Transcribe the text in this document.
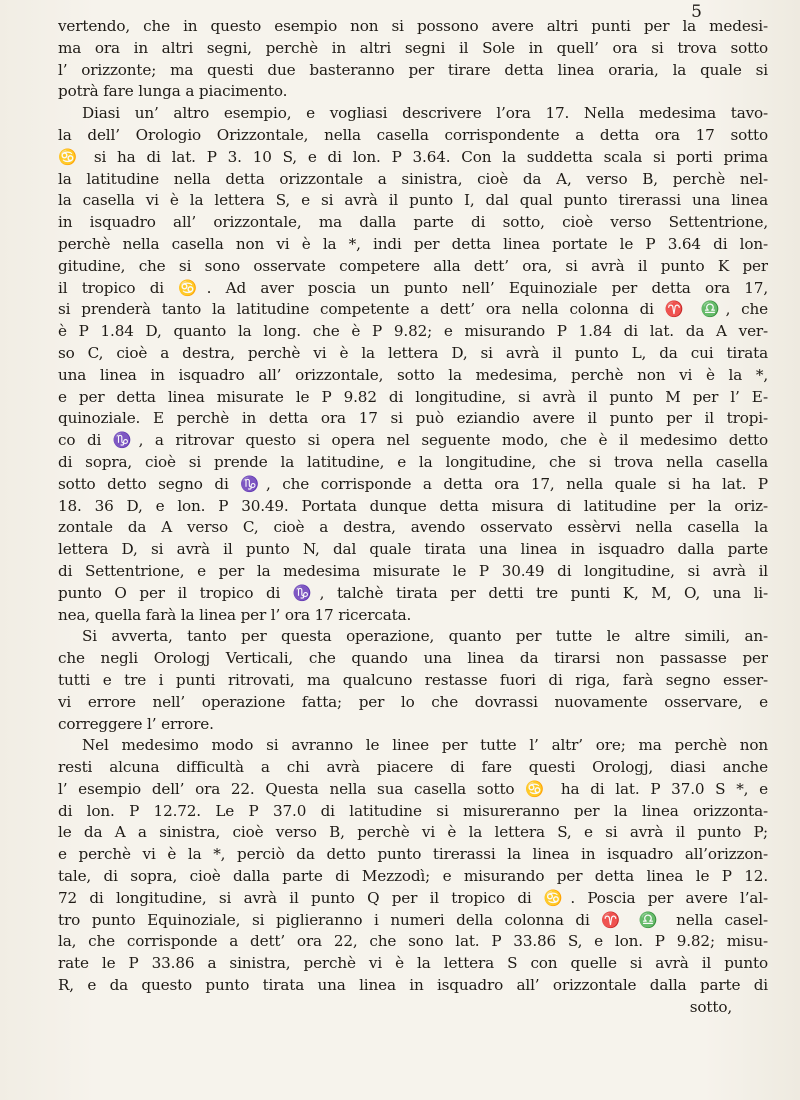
5
vertendo, che in questo esempio non si possono avere altri punti per la medesi-
ma ora in altri segni, perchè in altri segni il Sole in quell’ ora si trova sotto
l’ orizzonte; ma questi due basteranno per tirare detta linea oraria, la quale si
potrà fare lunga a piacimento.
Diasi un’ altro esempio, e vogliasi descrivere l’ora 17. Nella medesima tavo-
la dell’ Orologio Orizzontale, nella casella corrispondente a detta ora 17 sotto
♋ si ha di lat. P 3. 10 S, e di lon. P 3.64. Con la suddetta scala si porti prima
la latitudine nella detta orizzontale a sinistra, cioè da A, verso B, perchè nel-
la casella vi è la lettera S, e si avrà il punto I, dal qual punto tirerassi una linea
in isquadro all’ orizzontale, ma dalla parte di sotto, cioè verso Settentrione,
perchè nella casella non vi è la *, indi per detta linea portate le P 3.64 di lon-
gitudine, che si sono osservate competere alla dett’ ora, si avrà il punto K per
il tropico di ♋. Ad aver poscia un punto nell’ Equinoziale per detta ora 17,
si prenderà tanto la latitudine competente a dett’ ora nella colonna di ♈ ♎, che
è P 1.84 D, quanto la long. che è P 9.82; e misurando P 1.84 di lat. da A ver-
so C, cioè a destra, perchè vi è la lettera D, si avrà il punto L, da cui tirata
una linea in isquadro all’ orizzontale, sotto la medesima, perchè non vi è la *,
e per detta linea misurate le P 9.82 di longitudine, si avrà il punto M per l’ E-
quinoziale. E perchè in detta ora 17 si può eziandio avere il punto per il tropi-
co di ♑, a ritrovar questo si opera nel seguente modo, che è il medesimo detto
di sopra, cioè si prende la latitudine, e la longitudine, che si trova nella casella
sotto detto segno di ♑, che corrisponde a detta ora 17, nella quale si ha lat. P
18. 36 D, e lon. P 30.49. Portata dunque detta misura di latitudine per la oriz-
zontale da A verso C, cioè a destra, avendo osservato essèrvi nella casella la
lettera D, si avrà il punto N, dal quale tirata una linea in isquadro dalla parte
di Settentrione, e per la medesima misurate le P 30.49 di longitudine, si avrà il
punto O per il tropico di ♑, talchè tirata per detti tre punti K, M, O, una li-
nea, quella farà la linea per l’ ora 17 ricercata.
Si avverta, tanto per questa operazione, quanto per tutte le altre simili, an-
che negli Orologj Verticali, che quando una linea da tirarsi non passasse per
tutti e tre i punti ritrovati, ma qualcuno restasse fuori di riga, farà segno esser-
vi errore nell’ operazione fatta; per lo che dovrassi nuovamente osservare, e
correggere l’ errore.
Nel medesimo modo si avranno le linee per tutte l’ altr’ ore; ma perchè non
resti alcuna difficultà a chi avrà piacere di fare questi Orologj, diasi anche
l’ esempio dell’ ora 22. Questa nella sua casella sotto ♋ ha di lat. P 37.0 S *, e
di lon. P 12.72. Le P 37.0 di latitudine si misureranno per la linea orizzonta-
le da A a sinistra, cioè verso B, perchè vi è la lettera S, e si avrà il punto P;
e perchè vi è la *, perciò da detto punto tirerassi la linea in isquadro all’orizzon-
tale, di sopra, cioè dalla parte di Mezzodì; e misurando per detta linea le P 12.
72 di longitudine, si avrà il punto Q per il tropico di ♋. Poscia per avere l’al-
tro punto Equinoziale, si piglieranno i numeri della colonna di ♈ ♎ nella casel-
la, che corrisponde a dett’ ora 22, che sono lat. P 33.86 S, e lon. P 9.82; misu-
rate le P 33.86 a sinistra, perchè vi è la lettera S con quelle si avrà il punto
R, e da questo punto tirata una linea in isquadro all’ orizzontale dalla parte di
sotto,
